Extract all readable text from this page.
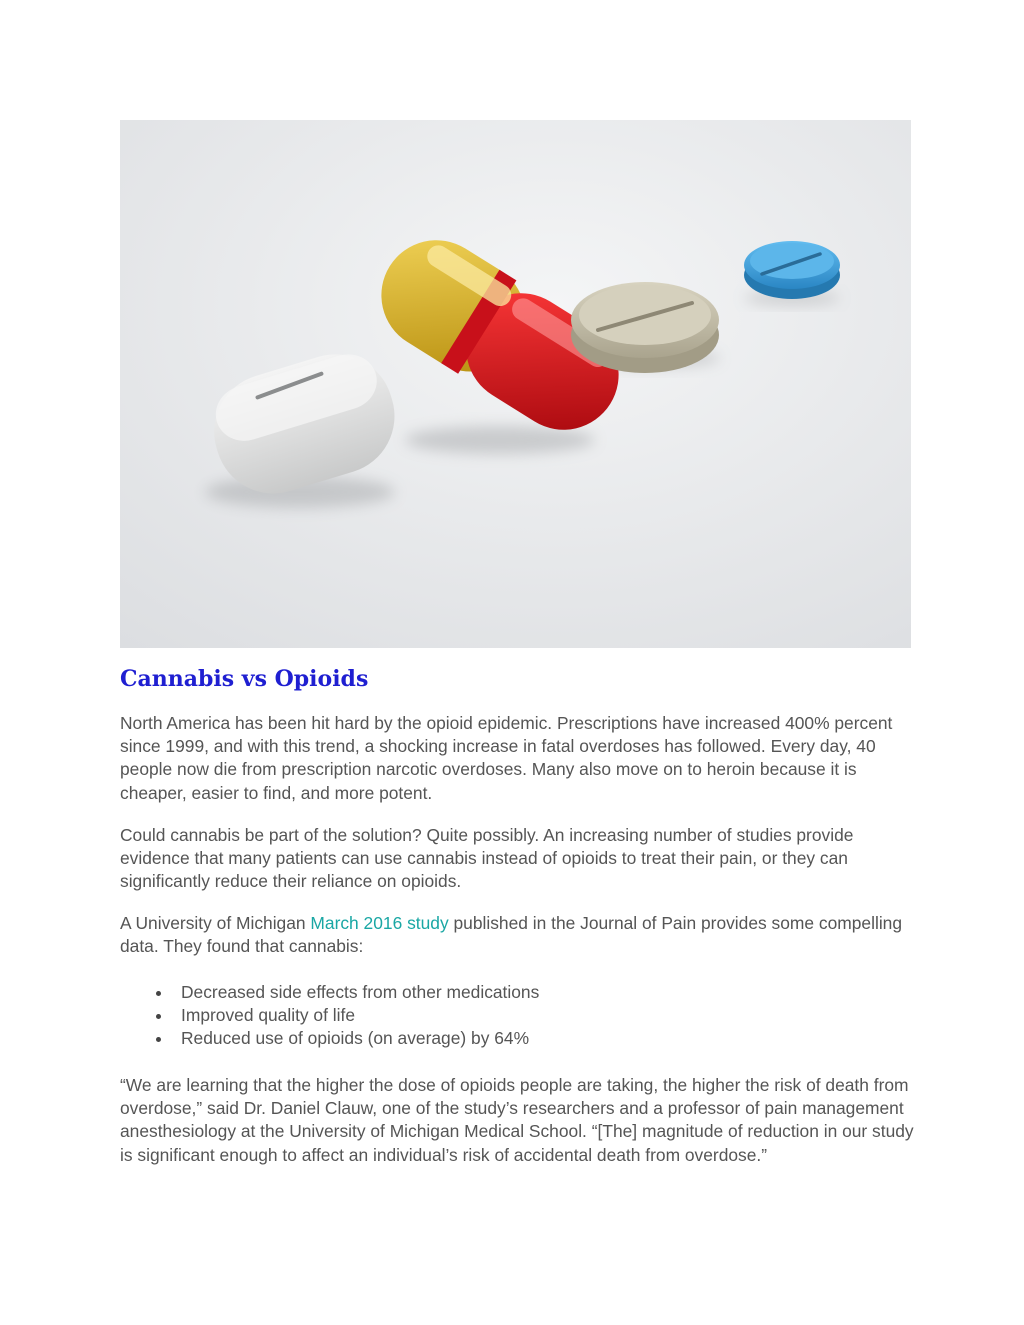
Cannabis vs Opioids

North America has been hit hard by the opioid epidemic. Prescriptions have increased 400% percent since 1999, and with this trend, a shocking increase in fatal overdoses has followed. Every day, 40 people now die from prescription narcotic overdoses. Many also move on to heroin because it is cheaper, easier to find, and more potent.

Could cannabis be part of the solution? Quite possibly. An increasing number of studies provide evidence that many patients can use cannabis instead of opioids to treat their pain, or they can significantly reduce their reliance on opioids.

A University of Michigan March 2016 study published in the Journal of Pain provides some compelling data. They found that cannabis:

Decreased side effects from other medications
Improved quality of life
Reduced use of opioids (on average) by 64%

“We are learning that the higher the dose of opioids people are taking, the higher the risk of death from overdose,” said Dr. Daniel Clauw, one of the study’s researchers and a professor of pain management anesthesiology at the University of Michigan Medical School. “[The] magnitude of reduction in our study is significant enough to affect an individual’s risk of accidental death from overdose.”
